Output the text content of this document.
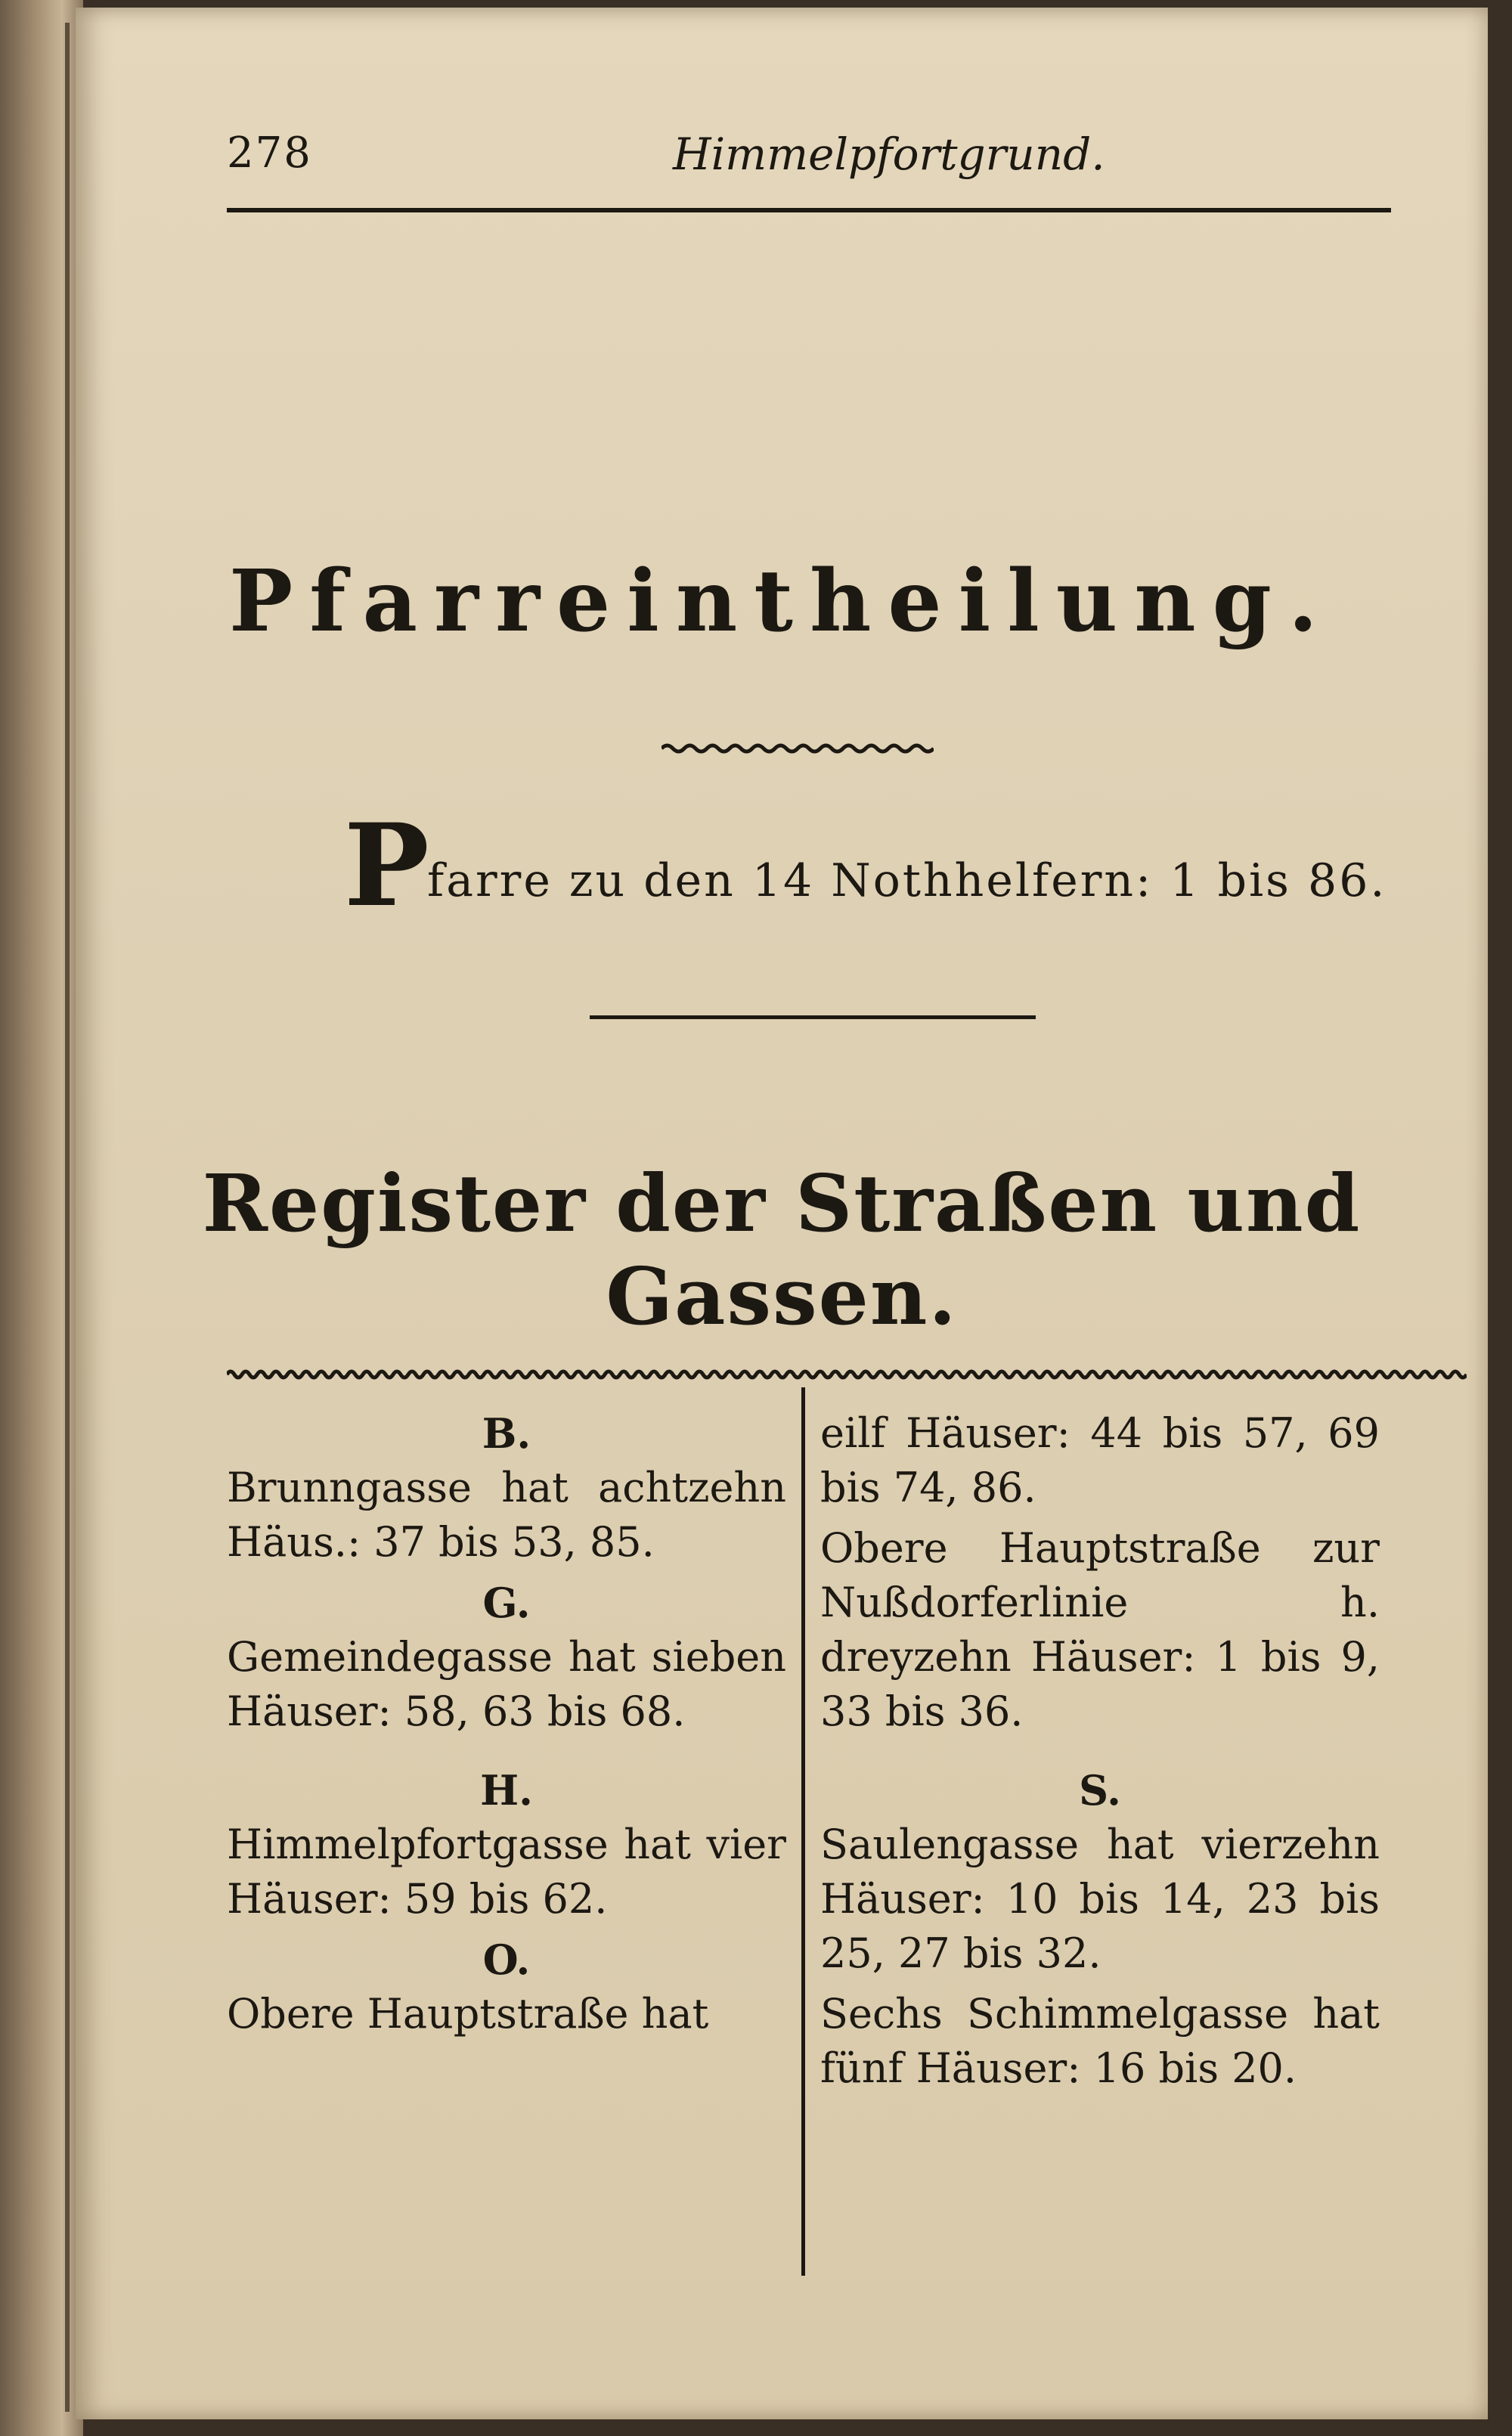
278	Himmelpfortgrund.
Pfarreintheilung.
P
farre zu den 14 Nothhelfern: 1 bis 86.
Register der Straßen und Gassen.

B.

Brunngasse hat achtzehn Häus.: 37 bis 53, 85.

G.

Gemeindegasse hat sieben Häuser: 58, 63 bis 68.

H.

Himmelpfortgasse hat vier Häuser: 59 bis 62.

O.

Obere Hauptstraße hat

eilf Häuser: 44 bis 57, 69 bis 74, 86.

Obere Hauptstraße zur Nußdorferlinie h. dreyzehn Häuser: 1 bis 9, 33 bis 36.

S.

Saulengasse hat vierzehn Häuser: 10 bis 14, 23 bis 25, 27 bis 32.

Sechs Schimmelgasse hat fünf Häuser: 16 bis 20.
